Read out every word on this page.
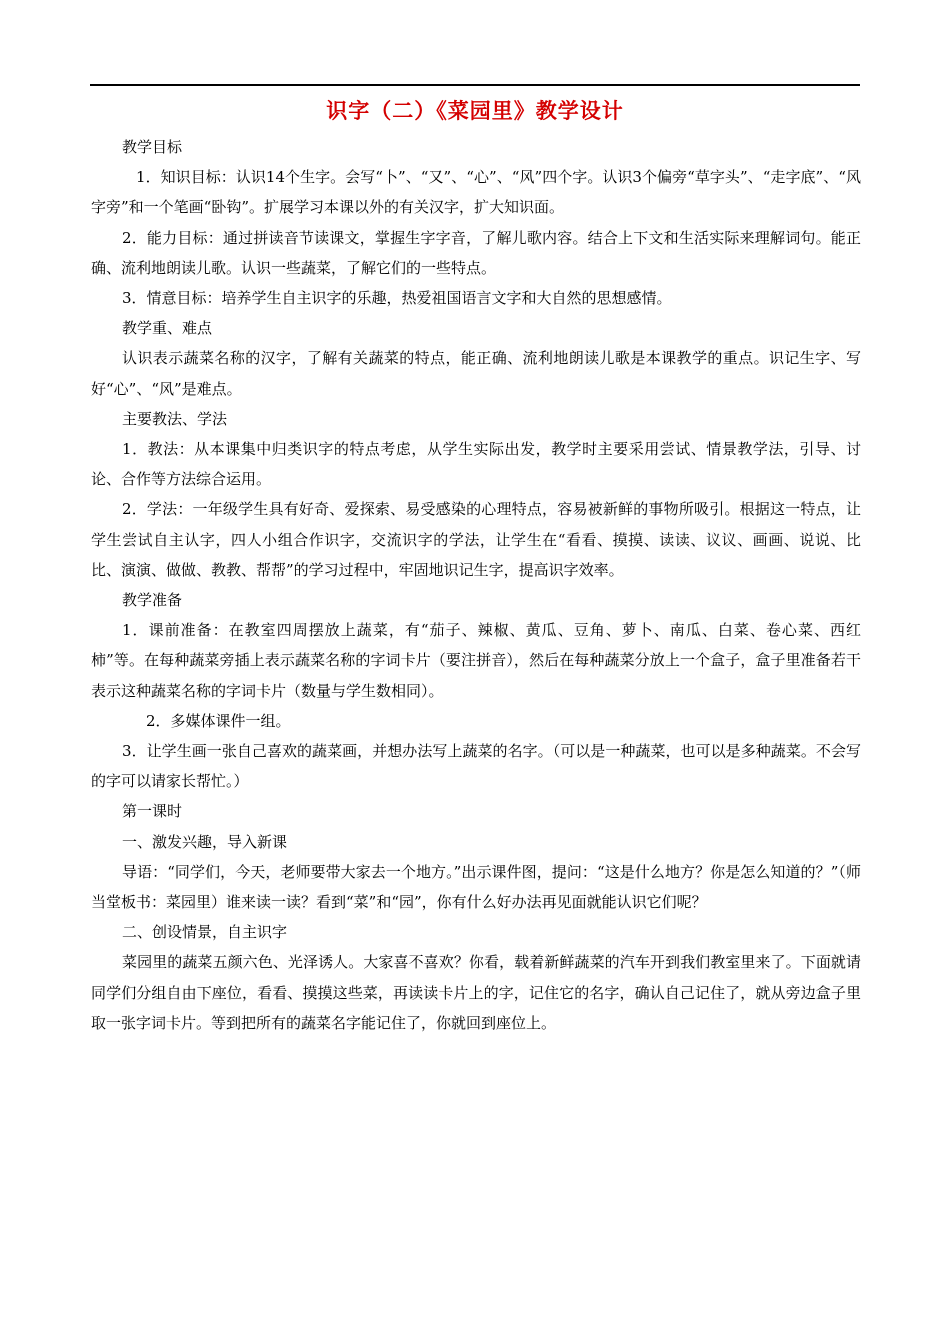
识字（二）《菜园里》教学设计

教学目标

1．知识目标：认识14个生字。会写“卜”、“又”、“心”、“风”四个字。认识3个偏旁“草字头”、“走字底”、“风字旁”和一个笔画“卧钩”。扩展学习本课以外的有关汉字，扩大知识面。

2．能力目标：通过拼读音节读课文，掌握生字字音，了解儿歌内容。结合上下文和生活实际来理解词句。能正确、流利地朗读儿歌。认识一些蔬菜，了解它们的一些特点。

3．情意目标：培养学生自主识字的乐趣，热爱祖国语言文字和大自然的思想感情。

教学重、难点

认识表示蔬菜名称的汉字，了解有关蔬菜的特点，能正确、流利地朗读儿歌是本课教学的重点。识记生字、写好“心”、“风”是难点。

主要教法、学法

1．教法：从本课集中归类识字的特点考虑，从学生实际出发，教学时主要采用尝试、情景教学法，引导、讨论、合作等方法综合运用。

2．学法：一年级学生具有好奇、爱探索、易受感染的心理特点，容易被新鲜的事物所吸引。根据这一特点，让学生尝试自主认字，四人小组合作识字，交流识字的学法，让学生在“看看、摸摸、读读、议议、画画、说说、比比、演演、做做、教教、帮帮”的学习过程中，牢固地识记生字，提高识字效率。

教学准备

1．课前准备：在教室四周摆放上蔬菜，有“茄子、辣椒、黄瓜、豆角、萝卜、南瓜、白菜、卷心菜、西红柿”等。在每种蔬菜旁插上表示蔬菜名称的字词卡片（要注拼音），然后在每种蔬菜分放上一个盒子，盒子里准备若干表示这种蔬菜名称的字词卡片（数量与学生数相同）。

2．多媒体课件一组。

3．让学生画一张自己喜欢的蔬菜画，并想办法写上蔬菜的名字。（可以是一种蔬菜，也可以是多种蔬菜。不会写的字可以请家长帮忙。）

第一课时

一、激发兴趣，导入新课

导语：“同学们，今天，老师要带大家去一个地方。”出示课件图，提问：“这是什么地方？你是怎么知道的？”（师当堂板书：菜园里）谁来读一读？看到“菜”和“园”，你有什么好办法再见面就能认识它们呢？

二、创设情景，自主识字

菜园里的蔬菜五颜六色、光泽诱人。大家喜不喜欢？你看，载着新鲜蔬菜的汽车开到我们教室里来了。下面就请同学们分组自由下座位，看看、摸摸这些菜，再读读卡片上的字，记住它的名字，确认自己记住了，就从旁边盒子里取一张字词卡片。等到把所有的蔬菜名字能记住了，你就回到座位上。
